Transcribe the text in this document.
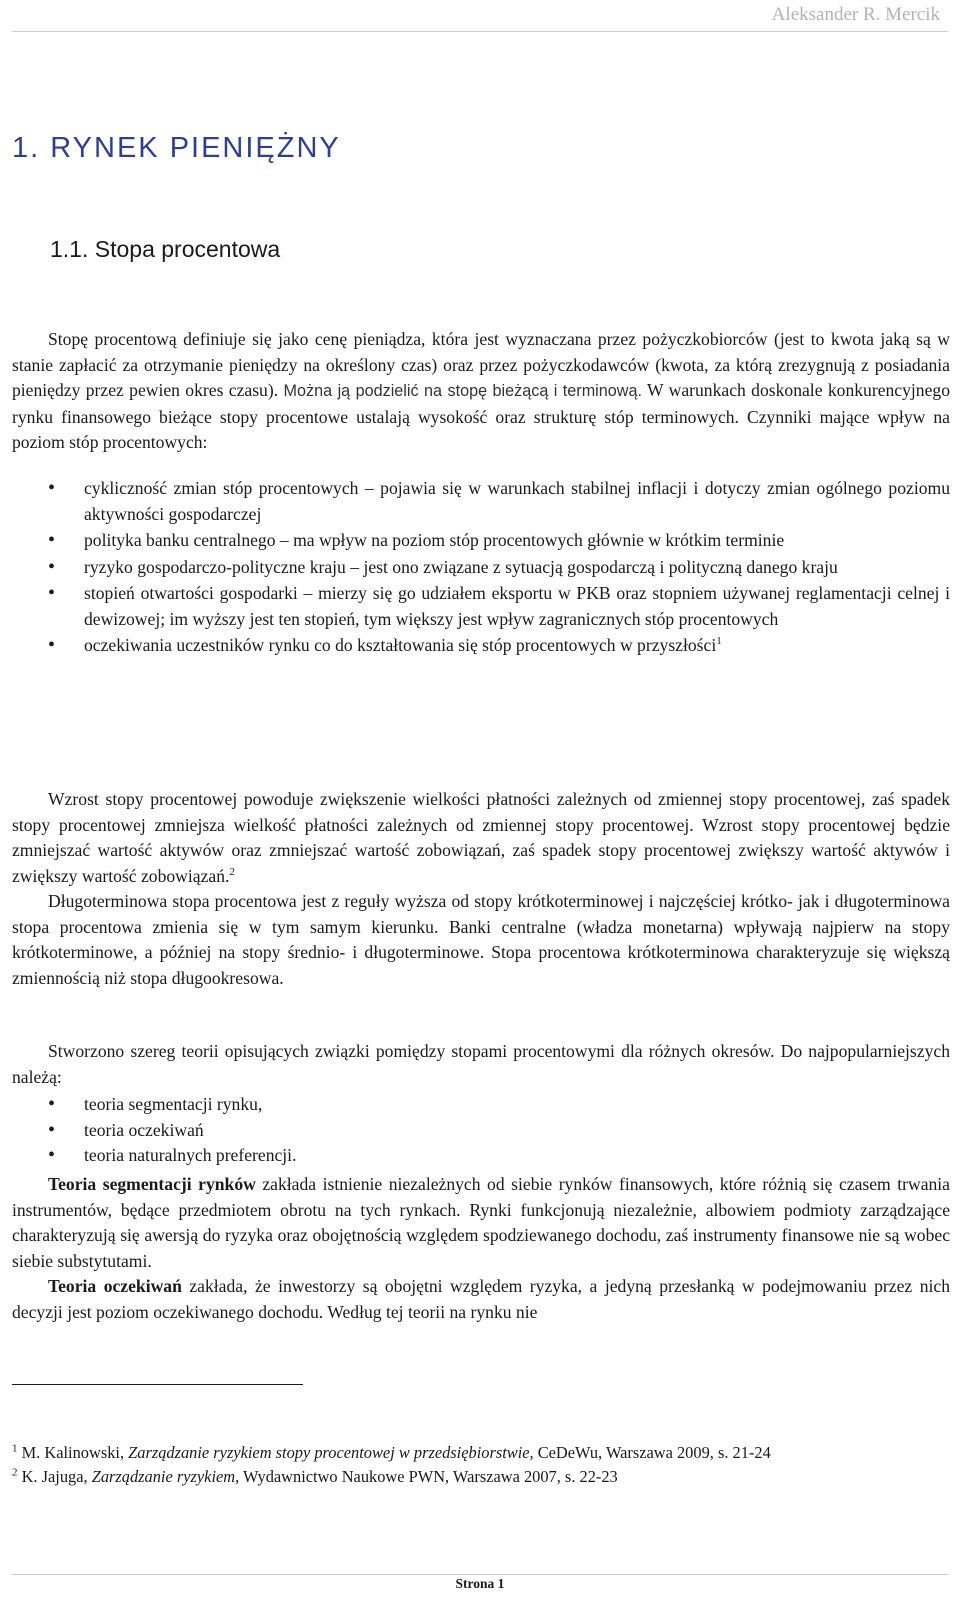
Aleksander R. Mercik
1. RYNEK PIENIĘŻNY
1.1. Stopa procentowa

Stopę procentową definiuje się jako cenę pieniądza, która jest wyznaczana przez pożyczkobiorców (jest to kwota jaką są w stanie zapłacić za otrzymanie pieniędzy na określony czas) oraz przez pożyczkodawców (kwota, za którą zrezygnują z posiadania pieniędzy przez pewien okres czasu). Można ją podzielić na stopę bieżącą i terminową. W warunkach doskonale konkurencyjnego rynku finansowego bieżące stopy procentowe ustalają wysokość oraz strukturę stóp terminowych. Czynniki mające wpływ na poziom stóp procentowych:

• cykliczność zmian stóp procentowych – pojawia się w warunkach stabilnej inflacji i dotyczy zmian ogólnego poziomu aktywności gospodarczej
• polityka banku centralnego – ma wpływ na poziom stóp procentowych głównie w krótkim terminie
• ryzyko gospodarczo-polityczne kraju – jest ono związane z sytuacją gospodarczą i polityczną danego kraju
• stopień otwartości gospodarki – mierzy się go udziałem eksportu w PKB oraz stopniem używanej reglamentacji celnej i dewizowej; im wyższy jest ten stopień, tym większy jest wpływ zagranicznych stóp procentowych
• oczekiwania uczestników rynku co do kształtowania się stóp procentowych w przyszłości$^1$

Wzrost stopy procentowej powoduje zwiększenie wielkości płatności zależnych od zmiennej stopy procentowej, zaś spadek stopy procentowej zmniejsza wielkość płatności zależnych od zmiennej stopy procentowej. Wzrost stopy procentowej będzie zmniejszać wartość aktywów oraz zmniejszać wartość zobowiązań, zaś spadek stopy procentowej zwiększy wartość aktywów i zwiększy wartość zobowiązań.$^2$

Długoterminowa stopa procentowa jest z reguły wyższa od stopy krótkoterminowej i najczęściej krótko- jak i długoterminowa stopa procentowa zmienia się w tym samym kierunku. Banki centralne (władza monetarna) wpływają najpierw na stopy krótkoterminowe, a później na stopy średnio- i długoterminowe. Stopa procentowa krótkoterminowa charakteryzuje się większą zmiennością niż stopa długookresowa.

Stworzono szereg teorii opisujących związki pomiędzy stopami procentowymi dla różnych okresów. Do najpopularniejszych należą:

• teoria segmentacji rynku,
• teoria oczekiwań
• teoria naturalnych preferencji.

Teoria segmentacji rynków zakłada istnienie niezależnych od siebie rynków finansowych, które różnią się czasem trwania instrumentów, będące przedmiotem obrotu na tych rynkach. Rynki funkcjonują niezależnie, albowiem podmioty zarządzające charakteryzują się awersją do ryzyka oraz obojętnością względem spodziewanego dochodu, zaś instrumenty finansowe nie są wobec siebie substytutami.

Teoria oczekiwań zakłada, że inwestorzy są obojętni względem ryzyka, a jedyną przesłanką w podejmowaniu przez nich decyzji jest poziom oczekiwanego dochodu. Według tej teorii na rynku nie

$^1$ M. Kalinowski, Zarządzanie ryzykiem stopy procentowej w przedsiębiorstwie, CeDeWu, Warszawa 2009, s. 21-24
$^2$ K. Jajuga, Zarządzanie ryzykiem, Wydawnictwo Naukowe PWN, Warszawa 2007, s. 22-23
Strona 1
